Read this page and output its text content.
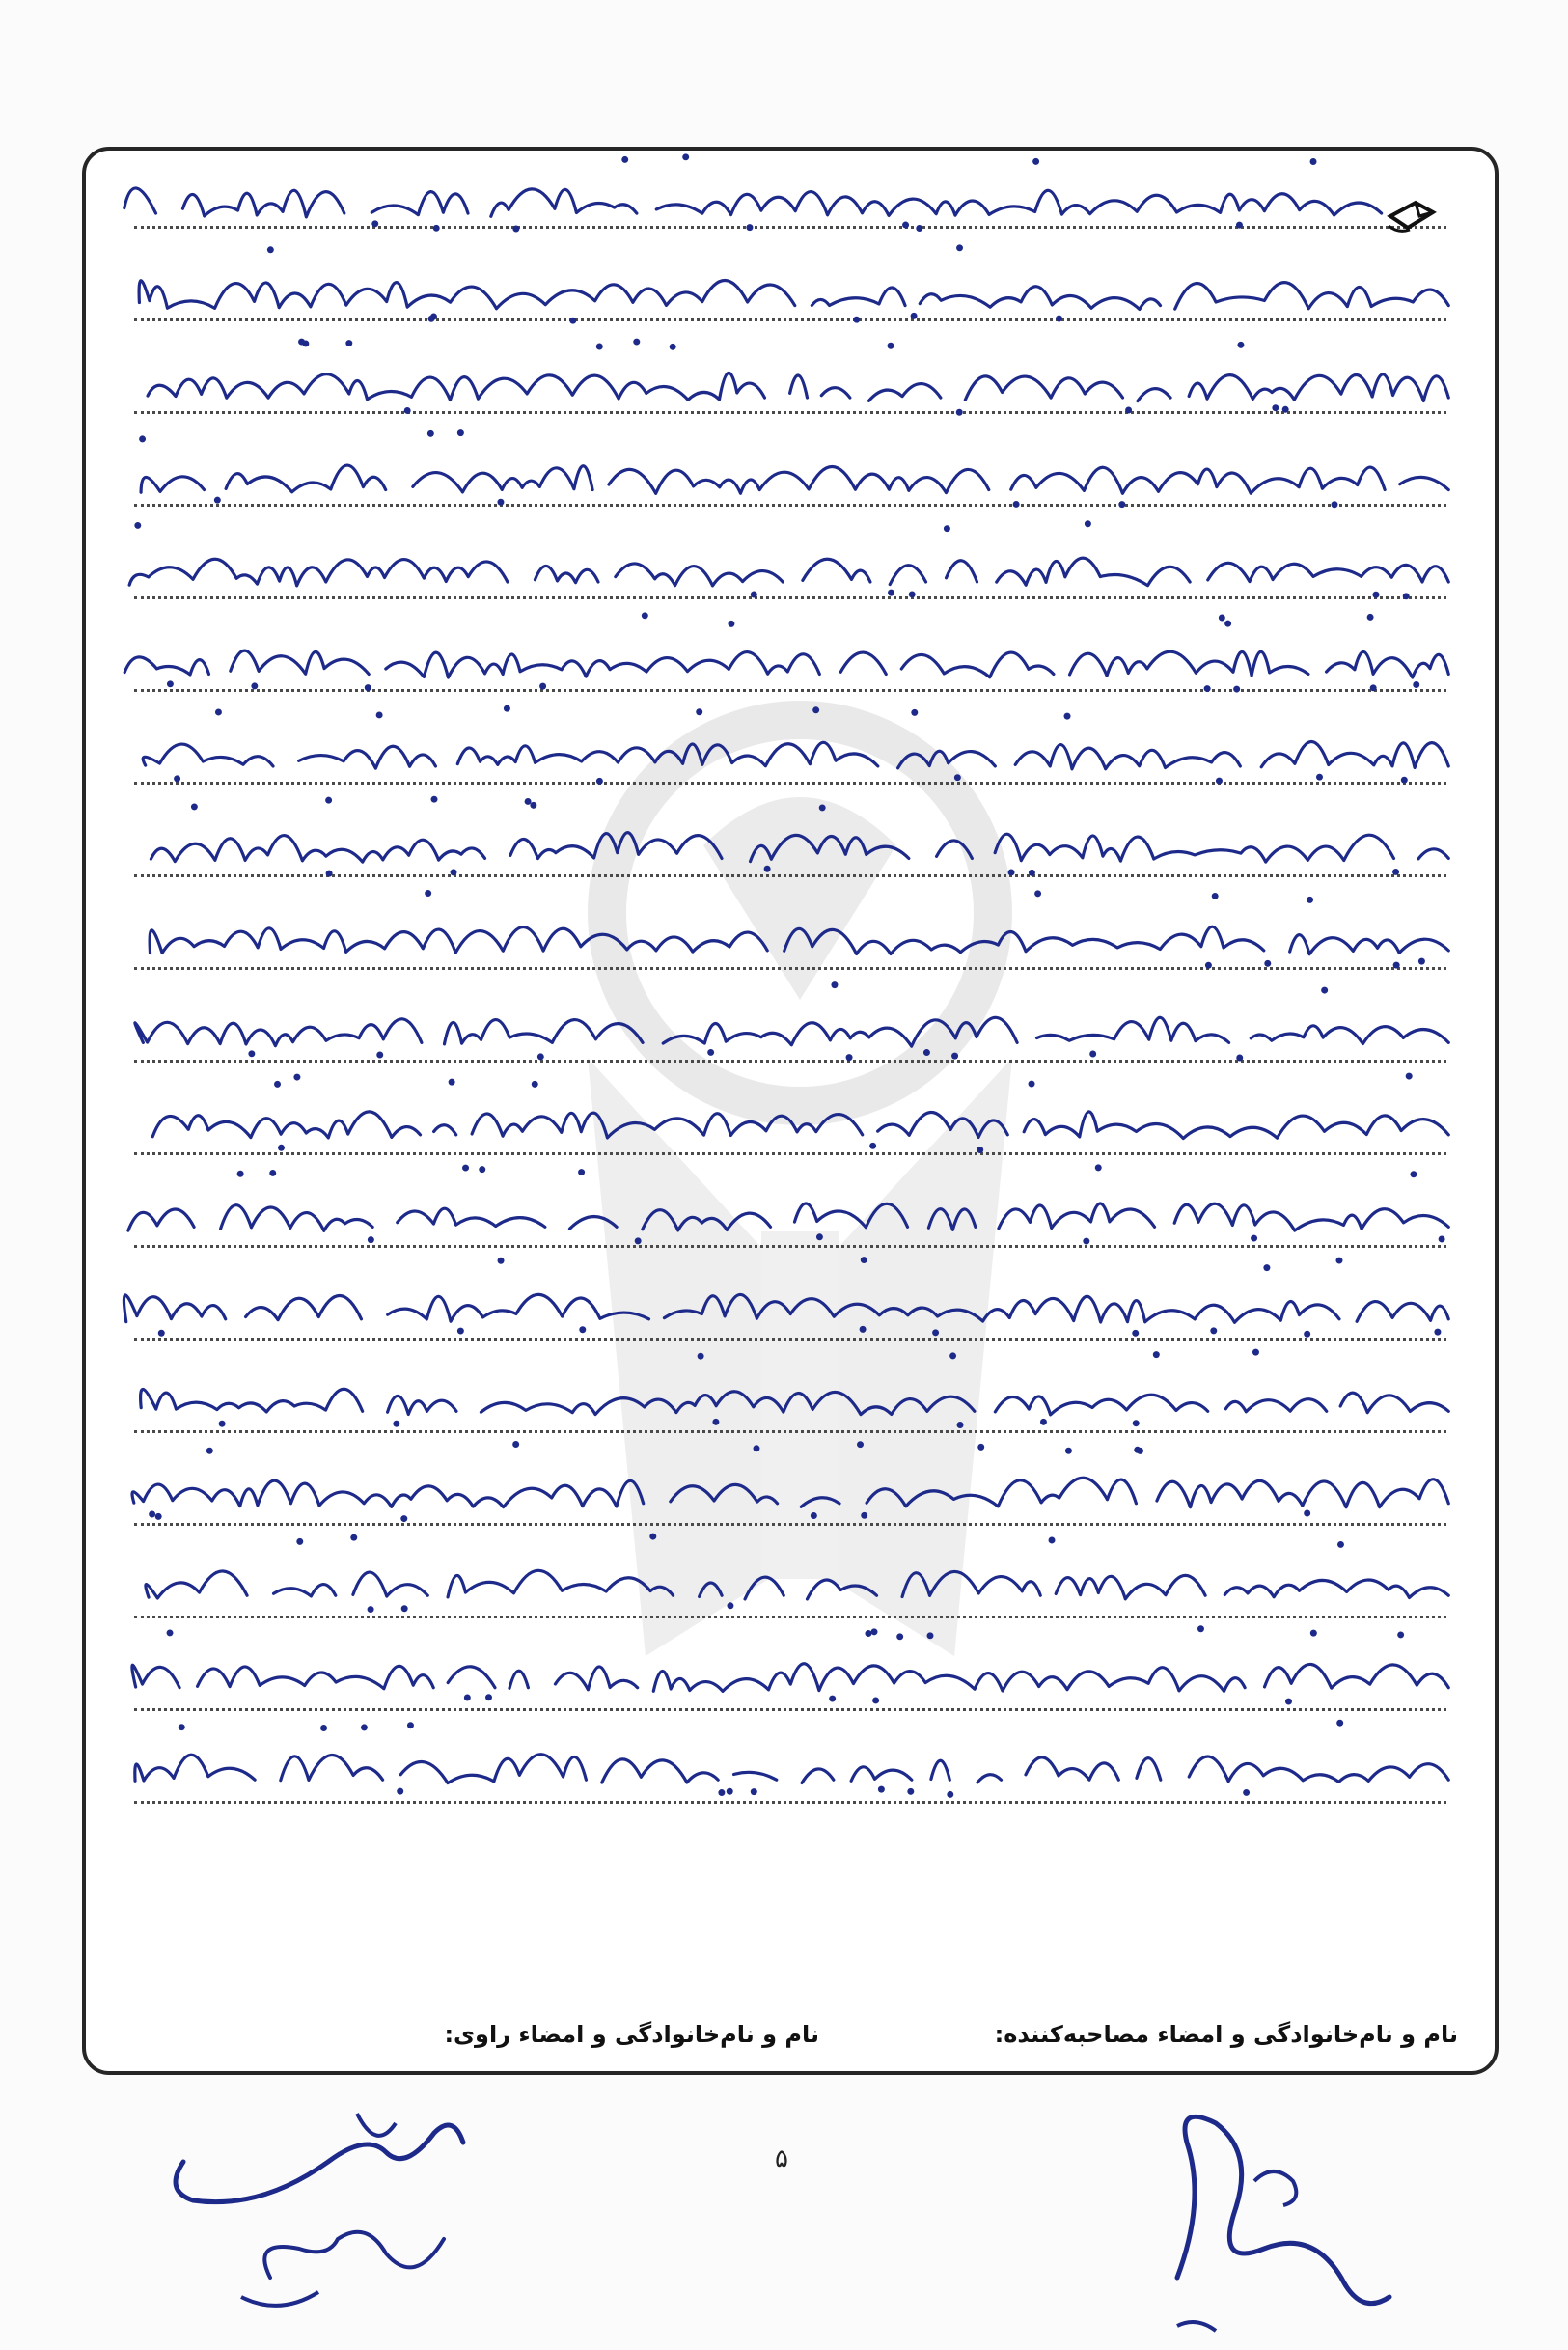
نام و نام‌خانوادگی و امضاء مصاحبه‌کننده:
نام و نام‌خانوادگی و امضاء راوی:
۵
